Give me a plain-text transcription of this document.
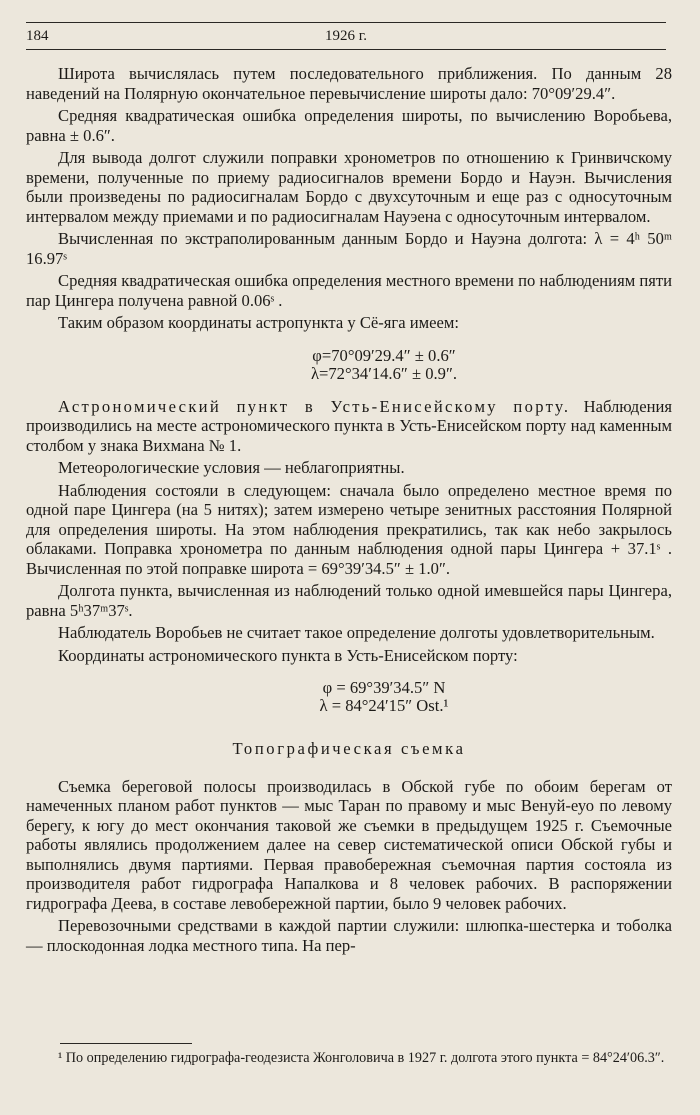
184	1926 г.

Широта вычислялась путем последовательного приближения. По данным 28 наведений на Полярную окончательное перевычисление широты дало: 70°09′29.4″.

Средняя квадратическая ошибка определения широты, по вычислению Воробьева, равна ± 0.6″.

Для вывода долгот служили поправки хронометров по отношению к Гринвичскому времени, полученные по приему радиосигналов времени Бордо и Науэн. Вычисления были произведены по радиосигналам Бордо с двухсуточным и еще раз с односуточным интервалом между приемами и по радиосигналам Науэена с односуточным интервалом.

Вычисленная по экстраполированным данным Бордо и Науэна долгота: λ = 4ʰ 50ᵐ 16.97ˢ

Средняя квадратическая ошибка определения местного времени по наблюдениям пяти пар Цингера получена равной 0.06ˢ .

Таким образом координаты астропункта у Сё-яга имеем:

φ=70°09′29.4″ ± 0.6″
λ=72°34′14.6″ ± 0.9″.

Астрономический пункт в Усть-Енисейскому порту. Наблюдения производились на месте астрономического пункта в Усть-Енисейском порту над каменным столбом у знака Вихмана № 1.

Метеорологические условия — неблагоприятны.

Наблюдения состояли в следующем: сначала было определено местное время по одной паре Цингера (на 5 нитях); затем измерено четыре зенитных расстояния Полярной для определения широты. На этом наблюдения прекратились, так как небо закрылось облаками. Поправка хронометра по данным наблюдения одной пары Цингера + 37.1ˢ . Вычисленная по этой поправке широта = 69°39′34.5″ ± 1.0″.

Долгота пункта, вычисленная из наблюдений только одной имевшейся пары Цингера, равна 5ʰ37ᵐ37ˢ.

Наблюдатель Воробьев не считает такое определение долготы удовлетворительным.

Координаты астрономического пункта в Усть-Енисейском порту:

φ = 69°39′34.5″ N
λ = 84°24′15″ Ost.¹
Топографическая съемка

Съемка береговой полосы производилась в Обской губе по обоим берегам от намеченных планом работ пунктов — мыс Таран по правому и мыс Венуй-еуо по левому берегу, к югу до мест окончания таковой же съемки в предыдущем 1925 г. Съемочные работы являлись продолжением далее на север систематической описи Обской губы и выполнялись двумя партиями. Первая правобережная съемочная партия состояла из производителя работ гидрографа Напалкова и 8 человек рабочих. В распоряжении гидрографа Деева, в составе левобережной партии, было 9 человек рабочих.

Перевозочными средствами в каждой партии служили: шлюпка-шестерка и тоболка — плоскодонная лодка местного типа. На пер-

¹ По определению гидрографа-геодезиста Жонголовича в 1927 г. долгота этого пункта = 84°24′06.3″.
